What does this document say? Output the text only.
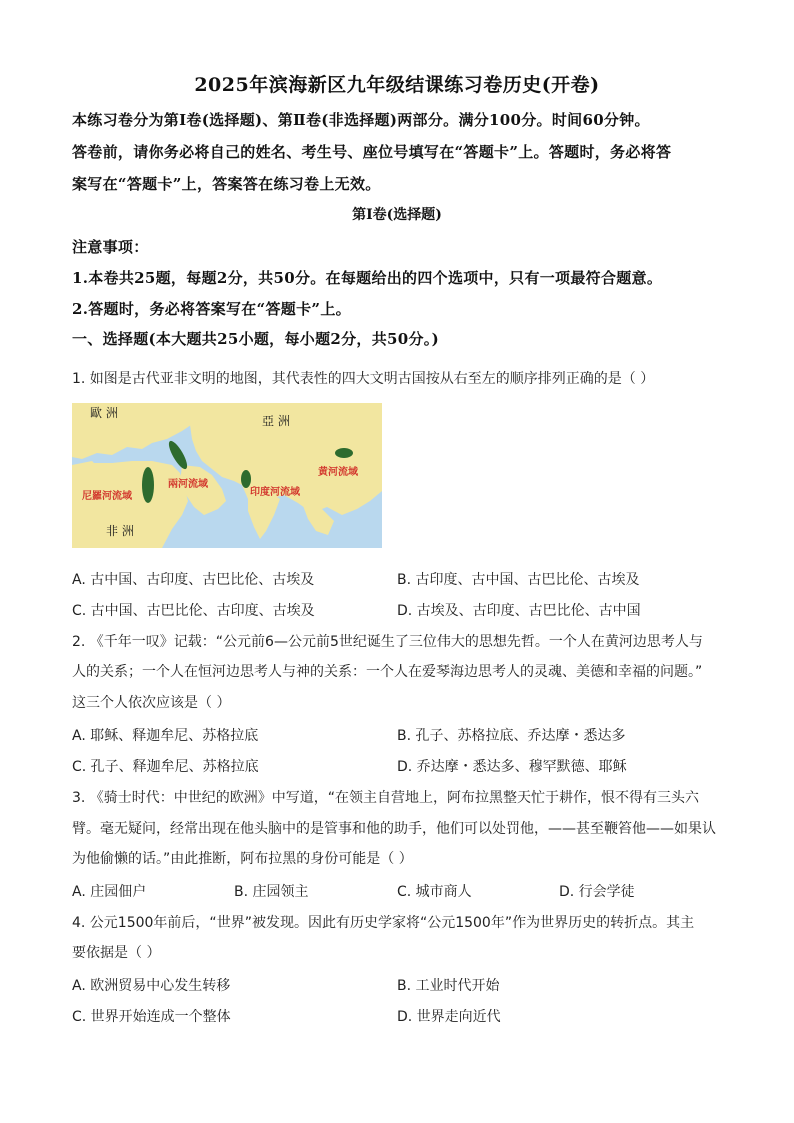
2025年滨海新区九年级结课练习卷历史(开卷)
本练习卷分为第Ⅰ卷(选择题)、第Ⅱ卷(非选择题)两部分。满分100分。时间60分钟。
答卷前，请你务必将自己的姓名、考生号、座位号填写在“答题卡”上。答题时，务必将答
案写在“答题卡”上，答案答在练习卷上无效。
第Ⅰ卷(选择题)
注意事项：
1.本卷共25题，每题2分，共50分。在每题给出的四个选项中，只有一项最符合题意。
2.答题时，务必将答案写在“答题卡”上。
一、选择题(本大题共25小题，每小题2分，共50分。)
1. 如图是古代亚非文明的地图，其代表性的四大文明古国按从右至左的顺序排列正确的是（ ）
歐 洲
亞 洲
非 洲
尼羅河流域
兩河流域
印度河流域
黄河流域
A. 古中国、古印度、古巴比伦、古埃及	B. 古印度、古中国、古巴比伦、古埃及
C. 古中国、古巴比伦、古印度、古埃及	D. 古埃及、古印度、古巴比伦、古中国
2. 《千年一叹》记载：“公元前6—公元前5世纪诞生了三位伟大的思想先哲。一个人在黄河边思考人与
人的关系；一个人在恒河边思考人与神的关系：一个人在爱琴海边思考人的灵魂、美德和幸福的问题。”
这三个人依次应该是（ ）
A. 耶稣、释迦牟尼、苏格拉底	B. 孔子、苏格拉底、乔达摩・悉达多
C. 孔子、释迦牟尼、苏格拉底	D. 乔达摩・悉达多、穆罕默德、耶稣
3. 《骑士时代：中世纪的欧洲》中写道，“在领主自营地上，阿布拉黑整天忙于耕作，恨不得有三头六
臂。毫无疑问，经常出现在他头脑中的是管事和他的助手，他们可以处罚他，——甚至鞭笞他——如果认
为他偷懒的话。”由此推断，阿布拉黑的身份可能是（ ）
A. 庄园佃户	B. 庄园领主	C. 城市商人	D. 行会学徒
4. 公元1500年前后，“世界”被发现。因此有历史学家将“公元1500年”作为世界历史的转折点。其主
要依据是（ ）
A. 欧洲贸易中心发生转移	B. 工业时代开始
C. 世界开始连成一个整体	D. 世界走向近代
